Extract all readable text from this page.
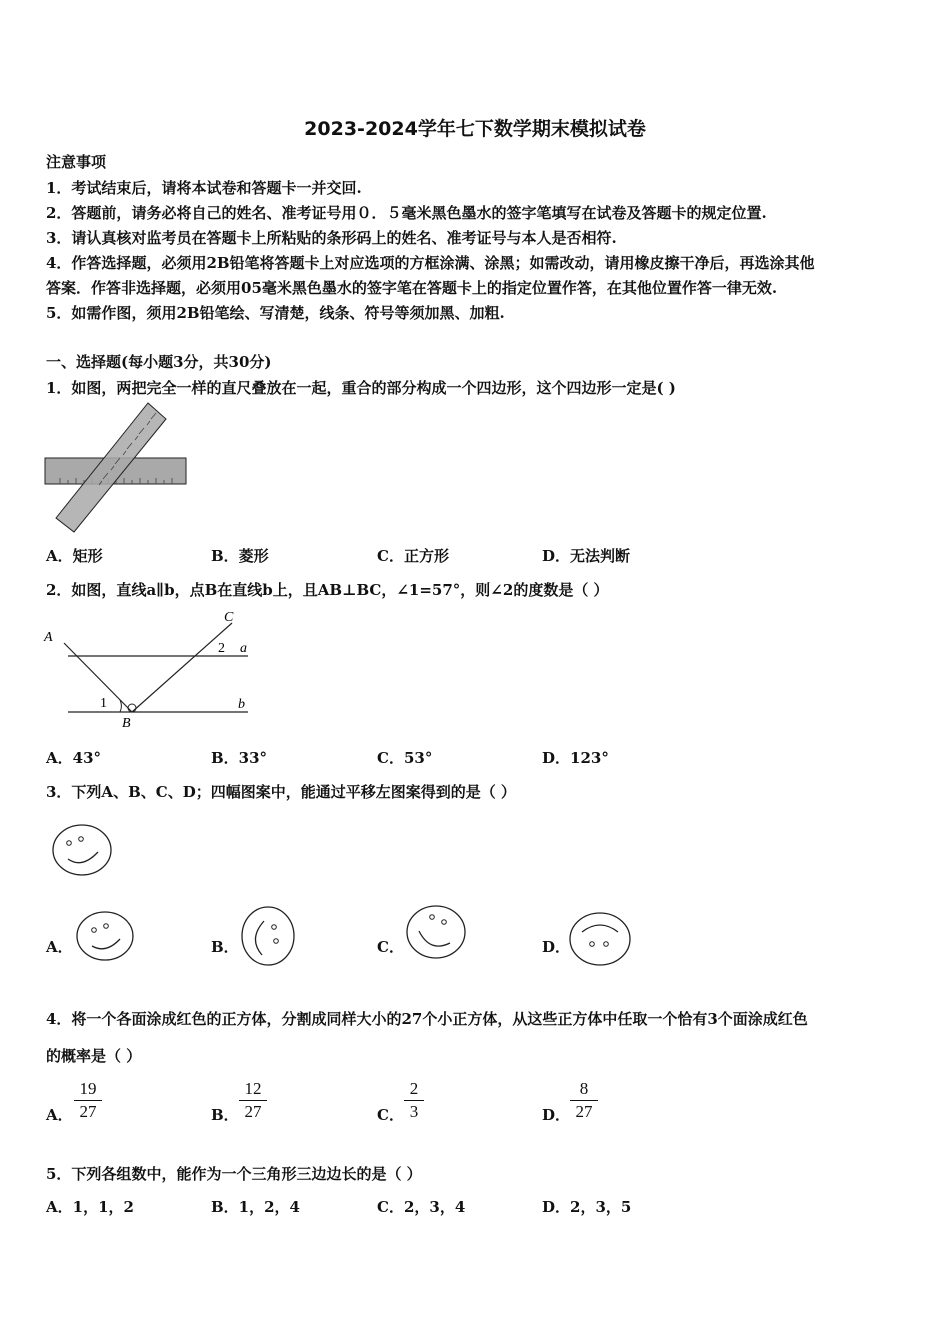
2023-2024学年七下数学期末模拟试卷
注意事项
1．考试结束后，请将本试卷和答题卡一并交回.
2．答题前，请务必将自己的姓名、准考证号用０．５毫米黑色墨水的签字笔填写在试卷及答题卡的规定位置.
3．请认真核对监考员在答题卡上所粘贴的条形码上的姓名、准考证号与本人是否相符.
4．作答选择题，必须用2B铅笔将答题卡上对应选项的方框涂满、涂黑；如需改动，请用橡皮擦干净后，再选涂其他
答案．作答非选择题，必须用05毫米黑色墨水的签字笔在答题卡上的指定位置作答，在其他位置作答一律无效.
5．如需作图，须用2B铅笔绘、写清楚，线条、符号等须加黑、加粗.
一、选择题(每小题3分，共30分)
1．如图，两把完全一样的直尺叠放在一起，重合的部分构成一个四边形，这个四边形一定是( )
A．矩形	B．菱形	C．正方形	D．无法判断
2．如图，直线a∥b，点B在直线b上，且AB⊥BC，∠1=57°，则∠2的度数是（ ）
A
C
B
a
b
1
2
A．43°	B．33°	C．53°	D．123°
3．下列A、B、C、D；四幅图案中，能通过平移左图案得到的是（ ）
A．	B．	C．	D．
4．将一个各面涂成红色的正方体，分割成同样大小的27个小正方体，从这些正方体中任取一个恰有3个面涂成红色
的概率是（ ）
A． $\frac{19}{27}$	B． $\frac{12}{27}$	C． $\frac{2}{3}$	D． $\frac{8}{27}$
5．下列各组数中，能作为一个三角形三边边长的是（ ）
A．1，1，2	B．1，2，4	C．2，3，4	D．2，3，5
